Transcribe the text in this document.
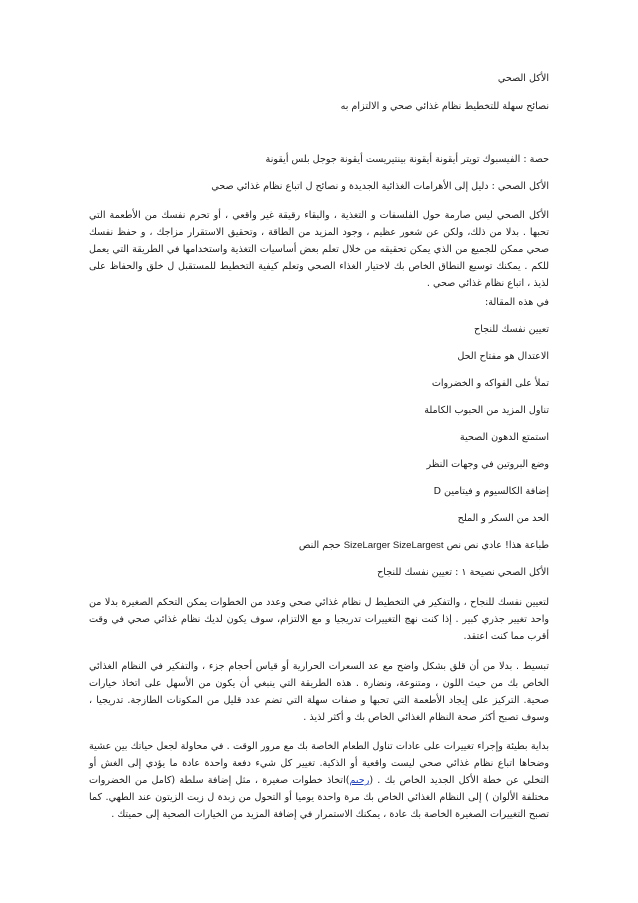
الأكل الصحي
نصائح سهلة للتخطيط نظام غذائي صحي و الالتزام به
حصة : الفيسبوك تويتر أيقونة أيقونة بينتيريست أيقونة جوجل بلس أيقونة
الأكل الصحي : دليل إلى الأهرامات الغذائية الجديدة و نصائح ل اتباع نظام غذائي صحي
الأكل الصحي ليس صارمة حول الفلسفات و التغذية ، والبقاء رقيقة غير واقعي ، أو تحرم نفسك من الأطعمة التي تحبها . بدلا من ذلك، ولكن عن شعور عظيم ، وجود المزيد من الطاقة ، وتحقيق الاستقرار مزاجك ، و حفظ نفسك صحي ممكن للجميع من الذي يمكن تحقيقه من خلال تعلم بعض أساسيات التغذية واستخدامها في الطريقة التي يعمل للكم . يمكنك توسيع النطاق الخاص بك لاختيار الغذاء الصحي وتعلم كيفية التخطيط للمستقبل ل خلق والحفاظ على لذيذ ، اتباع نظام غذائي صحي .
في هذه المقالة:
تعيين نفسك للنجاح
الاعتدال هو مفتاح الحل
تملأ على الفواكه و الخضروات
تناول المزيد من الحبوب الكاملة
استمتع الدهون الصحية
وضع البروتين في وجهات النظر
إضافة الكالسيوم و فيتامين D
الحد من السكر و الملح
طباعة هذا! عادي نص نص SizeLarger SizeLargest حجم النص
الأكل الصحي نصيحة ١ : تعيين نفسك للنجاح
لتعيين نفسك للنجاح ، والتفكير في التخطيط ل نظام غذائي صحي وعدد من الخطوات يمكن التحكم الصغيرة بدلا من واحد تغيير جذري كبير . إذا كنت نهج التغييرات تدريجيا و مع الالتزام، سوف يكون لديك نظام غذائي صحي في وقت أقرب مما كنت اعتقد.
تبسيط . بدلا من أن قلق بشكل واضح مع عد السعرات الحرارية أو قياس أحجام جزء ، والتفكير في النظام الغذائي الخاص بك من حيث اللون ، ومتنوعة، ونضارة . هذه الطريقة التي ينبغي أن يكون من الأسهل على اتخاذ خيارات صحية. التركيز على إيجاد الأطعمة التي تحبها و صفات سهلة التي تضم عدد قليل من المكونات الطازجة. تدريجيا ، وسوف تصبح أكثر صحة النظام الغذائي الخاص بك و أكثر لذيذ .
بداية بطيئة وإجراء تغييرات على عادات تناول الطعام الخاصة بك مع مرور الوقت . في محاولة لجعل حياتك بين عشية وضحاها اتباع نظام غذائي صحي ليست واقعية أو الذكية. تغيير كل شيء دفعة واحدة عادة ما يؤدي إلى الغش أو التخلي عن خطة الأكل الجديد الخاص بك . (رجيم)اتخاذ خطوات صغيرة ، مثل إضافة سلطة (كامل من الخضروات مختلفة الألوان ) إلى النظام الغذائي الخاص بك مرة واحدة يوميا أو التحول من زبدة ل زيت الزيتون عند الطهي. كما تصبح التغييرات الصغيرة الخاصة بك عادة ، يمكنك الاستمرار في إضافة المزيد من الخيارات الصحية إلى حميتك .
